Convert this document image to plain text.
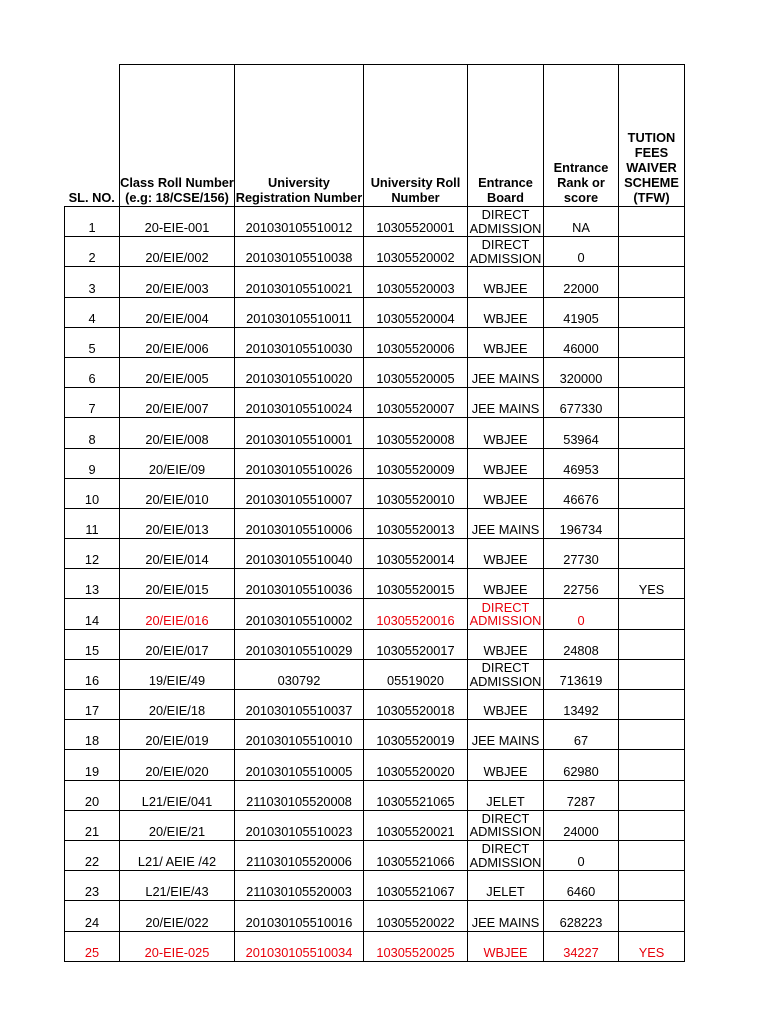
SL. NO.	Class Roll Number (e.g: 18/CSE/156)	University Registration Number	University Roll Number	Entrance Board	Entrance Rank or score	TUTION FEES WAIVER SCHEME (TFW)
1	20-EIE-001	201030105510012	10305520001	DIRECT ADMISSION	NA	
2	20/EIE/002	201030105510038	10305520002	DIRECT ADMISSION	0	
3	20/EIE/003	201030105510021	10305520003	WBJEE	22000	
4	20/EIE/004	201030105510011	10305520004	WBJEE	41905	
5	20/EIE/006	201030105510030	10305520006	WBJEE	46000	
6	20/EIE/005	201030105510020	10305520005	JEE MAINS	320000	
7	20/EIE/007	201030105510024	10305520007	JEE MAINS	677330	
8	20/EIE/008	201030105510001	10305520008	WBJEE	53964	
9	20/EIE/09	201030105510026	10305520009	WBJEE	46953	
10	20/EIE/010	201030105510007	10305520010	WBJEE	46676	
11	20/EIE/013	201030105510006	10305520013	JEE MAINS	196734	
12	20/EIE/014	201030105510040	10305520014	WBJEE	27730	
13	20/EIE/015	201030105510036	10305520015	WBJEE	22756	YES
14	20/EIE/016	201030105510002	10305520016	DIRECT ADMISSION	0	
15	20/EIE/017	201030105510029	10305520017	WBJEE	24808	
16	19/EIE/49	030792	05519020	DIRECT ADMISSION	713619	
17	20/EIE/18	201030105510037	10305520018	WBJEE	13492	
18	20/EIE/019	201030105510010	10305520019	JEE MAINS	67	
19	20/EIE/020	201030105510005	10305520020	WBJEE	62980	
20	L21/EIE/041	211030105520008	10305521065	JELET	7287	
21	20/EIE/21	201030105510023	10305520021	DIRECT ADMISSION	24000	
22	L21/ AEIE /42	211030105520006	10305521066	DIRECT ADMISSION	0	
23	L21/EIE/43	211030105520003	10305521067	JELET	6460	
24	20/EIE/022	201030105510016	10305520022	JEE MAINS	628223	
25	20-EIE-025	201030105510034	10305520025	WBJEE	34227	YES
